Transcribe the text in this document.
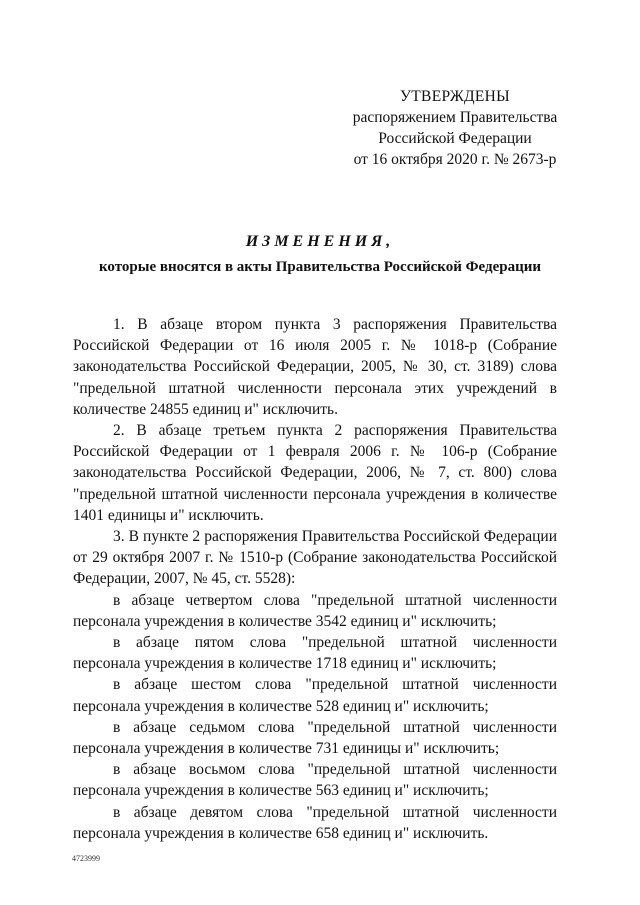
УТВЕРЖДЕНЫ
распоряжением Правительства
Российской Федерации
от 16 октября 2020 г. № 2673-р
ИЗМЕНЕНИЯ,
которые вносятся в акты Правительства Российской Федерации

1. В абзаце втором пункта 3 распоряжения Правительства Российской Федерации от 16 июля 2005 г. № 1018-р (Собрание законодательства Российской Федерации, 2005, № 30, ст. 3189) слова "предельной штатной численности персонала этих учреждений в количестве 24855 единиц и" исключить.

2. В абзаце третьем пункта 2 распоряжения Правительства Российской Федерации от 1 февраля 2006 г. № 106-р (Собрание законодательства Российской Федерации, 2006, № 7, ст. 800) слова "предельной штатной численности персонала учреждения в количестве 1401 единицы и" исключить.

3. В пункте 2 распоряжения Правительства Российской Федерации от 29 октября 2007 г. № 1510-р (Собрание законодательства Российской Федерации, 2007, № 45, ст. 5528):

в абзаце четвертом слова "предельной штатной численности персонала учреждения в количестве 3542 единиц и" исключить;

в абзаце пятом слова "предельной штатной численности персонала учреждения в количестве 1718 единиц и" исключить;

в абзаце шестом слова "предельной штатной численности персонала учреждения в количестве 528 единиц и" исключить;

в абзаце седьмом слова "предельной штатной численности персонала учреждения в количестве 731 единицы и" исключить;

в абзаце восьмом слова "предельной штатной численности персонала учреждения в количестве 563 единиц и" исключить;

в абзаце девятом слова "предельной штатной численности персонала учреждения в количестве 658 единиц и" исключить.

4723999
